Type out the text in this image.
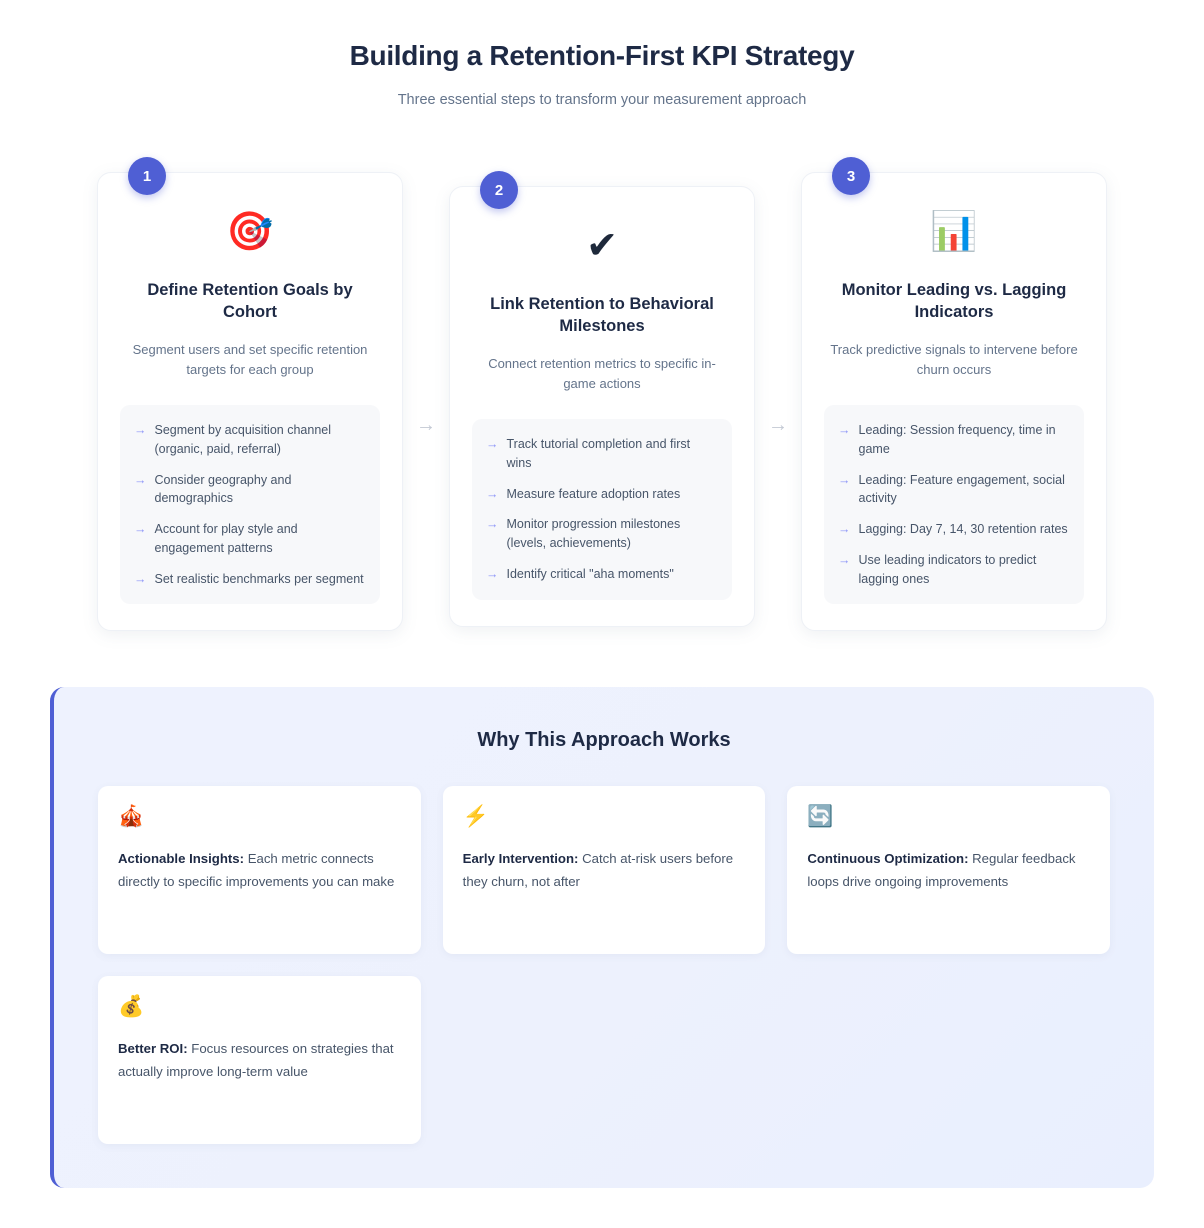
Building a Retention-First KPI Strategy
Three essential steps to transform your measurement approach
1
🎯
Define Retention Goals by Cohort
Segment users and set specific retention targets for each group
→ Segment by acquisition channel (organic, paid, referral)
→ Consider geography and demographics
→ Account for play style and engagement patterns
→ Set realistic benchmarks per segment
→
2
✔
Link Retention to Behavioral Milestones
Connect retention metrics to specific in-game actions
→ Track tutorial completion and first wins
→ Measure feature adoption rates
→ Monitor progression milestones (levels, achievements)
→ Identify critical "aha moments"
→
3
📊
Monitor Leading vs. Lagging Indicators
Track predictive signals to intervene before churn occurs
→ Leading: Session frequency, time in game
→ Leading: Feature engagement, social activity
→ Lagging: Day 7, 14, 30 retention rates
→ Use leading indicators to predict lagging ones
Why This Approach Works
🎪
Actionable Insights: Each metric connects directly to specific improvements you can make
⚡
Early Intervention: Catch at-risk users before they churn, not after
🔄
Continuous Optimization: Regular feedback loops drive ongoing improvements
💰
Better ROI: Focus resources on strategies that actually improve long-term value
